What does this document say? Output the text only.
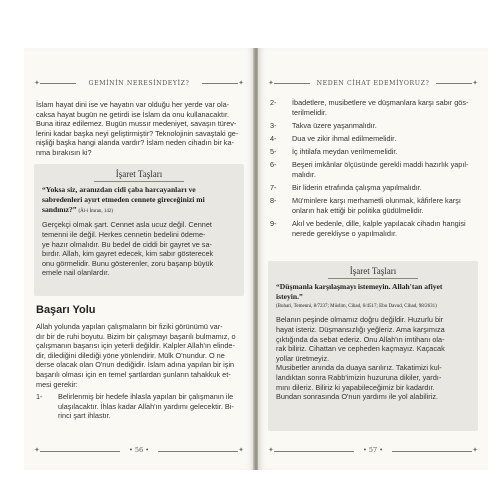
✦	GEMİNİN NERESİNDEYİZ?	✦
İslam hayat dini ise ve hayatın var olduğu her yerde var ola-
caksa hayat bugün ne getirdi ise İslam da onu kullanacaktır.
Buna itiraz edilemez. Bugün mussır medeniyet, savaşın türev-
lerini kadar başka neyi geliştirmiştir? Teknolojinin savaştaki ge-
nişliği başka hangi alanda vardır? İslam neden cihadın bir ka-
nma bırakısın ki?
İşaret Taşları
“Yoksa siz, aranızdan cidi çaba harcayanları ve
sabredenleri ayırt etmeden cennete gireceğinizi mi
sandınız?” (Âl-i İmran, 142)
Gerçekçi olmak şart. Cennet asla ucuz değil. Cennet
temenni ile değil. Herkes cennetin bedelini ödeme-
ye hazır olmalıdır. Bu bedel de ciddi bir gayret ve sa-
bırdır. Allah, kim gayret edecek, kim sabır gösterecek
onu görmelidir. Bunu gösterenler, zoru başarıp büyük
emele nail olanlardır.
Başarı Yolu
Allah yolunda yapılan çalışmaların bir fiziki görünümü var-
dır bir de ruhi boyutu. Bizim bir çalışmayı başarılı bulmamız, o
çalışmanın başarısı için yeterli değildir. Kalpler Allah'ın elinde-
dir, dilediğini dilediği yöne yönlendirir. Mülk O'nundur. O ne
derse olacak olan O'nun dediğidir. İslam adına yapılan bir işin
başarılı olması için en temel şartlardan şunların tahakkuk et-
mesi gerekir:
1- Belirlenmiş bir hedefe ihlasla yapılan bir çalışmanın ile
ulaşılacaktır. İhlas kadar Allah'ın yardımı gelecektir. Bi-
rinci şart ihlastır.
✦	• 56 •	✦
✦	NEDEN CİHAT EDEMİYORUZ?	✦
2- İbadetlere, musibetlere ve düşmanlara karşı sabır gös-
terilmelidir.
3- Takva üzere yaşanmalıdır.
4- Dua ve zikir ihmal edilmemelidir.
5- İç ihtilafa meydan verilmemelidir.
6- Beşeri imkânlar ölçüsünde gerekli maddi hazırlık yapıl-
malıdır.
7- Bir liderin etrafında çalışma yapılmalıdır.
8- Mü'minlere karşı merhametli olunmak, kâfirlere karşı
onların hak ettiği bir politika güdülmelidir.
9- Akıl ve bedenle, dille, kalple yapılacak cihadın hangisi
nerede gerekliyse o yapılmalıdır.
İşaret Taşları
“Düşmanla karşılaşmayı istemeyin. Allah'tan afiyet
isteyin.”
(Buhari, Temenni, 8/7237; Müslim, Cihad, 6/4517; Ebu Davud, Cihad, 98/2631)
Belanın peşinde olmamız doğru değildir. Huzurlu bir
hayat isteriz. Düşmansızlığı yeğleriz. Ama karşımıza
çıktığında da sebat ederiz. Onu Allah'ın imtihanı ola-
rak biliriz. Cihattan ve cepheden kaçmayız. Kaçacak
yollar üretmeyiz.
Musibetler anında da duaya sarılırız. Takatimizi kul-
landıktan sonra Rabb'imizin huzuruna dikiler, yardı-
mını dileriz. Biliriz ki yapabileceğimiz bir kadardır.
Bundan sonrasında O'nun yardımı ile yol alabiliriz.
✦	• 57 •	✦
